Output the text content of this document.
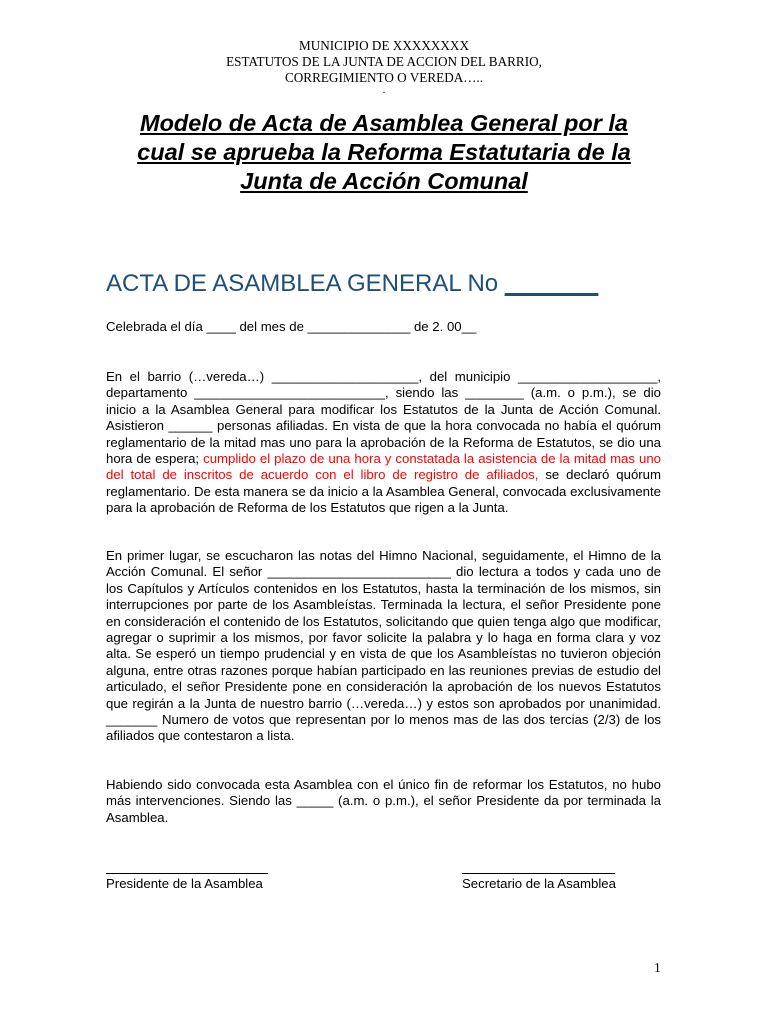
MUNICIPIO DE XXXXXXXX
ESTATUTOS DE LA JUNTA DE ACCION DEL BARRIO,
CORREGIMIENTO O VEREDA…..
.
Modelo de Acta de Asamblea General por la
cual se aprueba la Reforma Estatutaria de la
Junta de Acción Comunal
ACTA DE ASAMBLEA GENERAL No _______
Celebrada el día ____ del mes de ______________ de 2. 00__
En el barrio (…vereda…) ____________________, del municipio ___________________, departamento __________________________, siendo las ________ (a.m. o p.m.), se dio inicio a la Asamblea General para modificar los Estatutos de la Junta de Acción Comunal. Asistieron ______ personas afiliadas. En vista de que la hora convocada no había el quórum reglamentario de la mitad mas uno para la aprobación de la Reforma de Estatutos, se dio una hora de espera; cumplido el plazo de una hora y constatada la asistencia de la mitad mas uno del total de inscritos de acuerdo con el libro de registro de afiliados, se declaró quórum reglamentario. De esta manera se da inicio a la Asamblea General, convocada exclusivamente para la aprobación de Reforma de los Estatutos que rigen a la Junta.
En primer lugar, se escucharon las notas del Himno Nacional, seguidamente, el Himno de la Acción Comunal. El señor _________________________ dio lectura a todos y cada uno de los Capítulos y Artículos contenidos en los Estatutos, hasta la terminación de los mismos, sin interrupciones por parte de los Asambleístas. Terminada la lectura, el señor Presidente pone en consideración el contenido de los Estatutos, solicitando que quien tenga algo que modificar, agregar o suprimir a los mismos, por favor solicite la palabra y lo haga en forma clara y voz alta. Se esperó un tiempo prudencial y en vista de que los Asambleístas no tuvieron objeción alguna, entre otras razones porque habían participado en las reuniones previas de estudio del articulado, el señor Presidente pone en consideración la aprobación de los nuevos Estatutos que regirán a la Junta de nuestro barrio (…vereda…) y estos son aprobados por unanimidad. _______ Numero de votos que representan por lo menos mas de las dos tercias (2/3) de los afiliados que contestaron a lista.
Habiendo sido convocada esta Asamblea con el único fin de reformar los Estatutos, no hubo más intervenciones. Siendo las _____ (a.m. o p.m.), el señor Presidente da por terminada la Asamblea.
Presidente de la Asamblea	Secretario de la Asamblea
1
